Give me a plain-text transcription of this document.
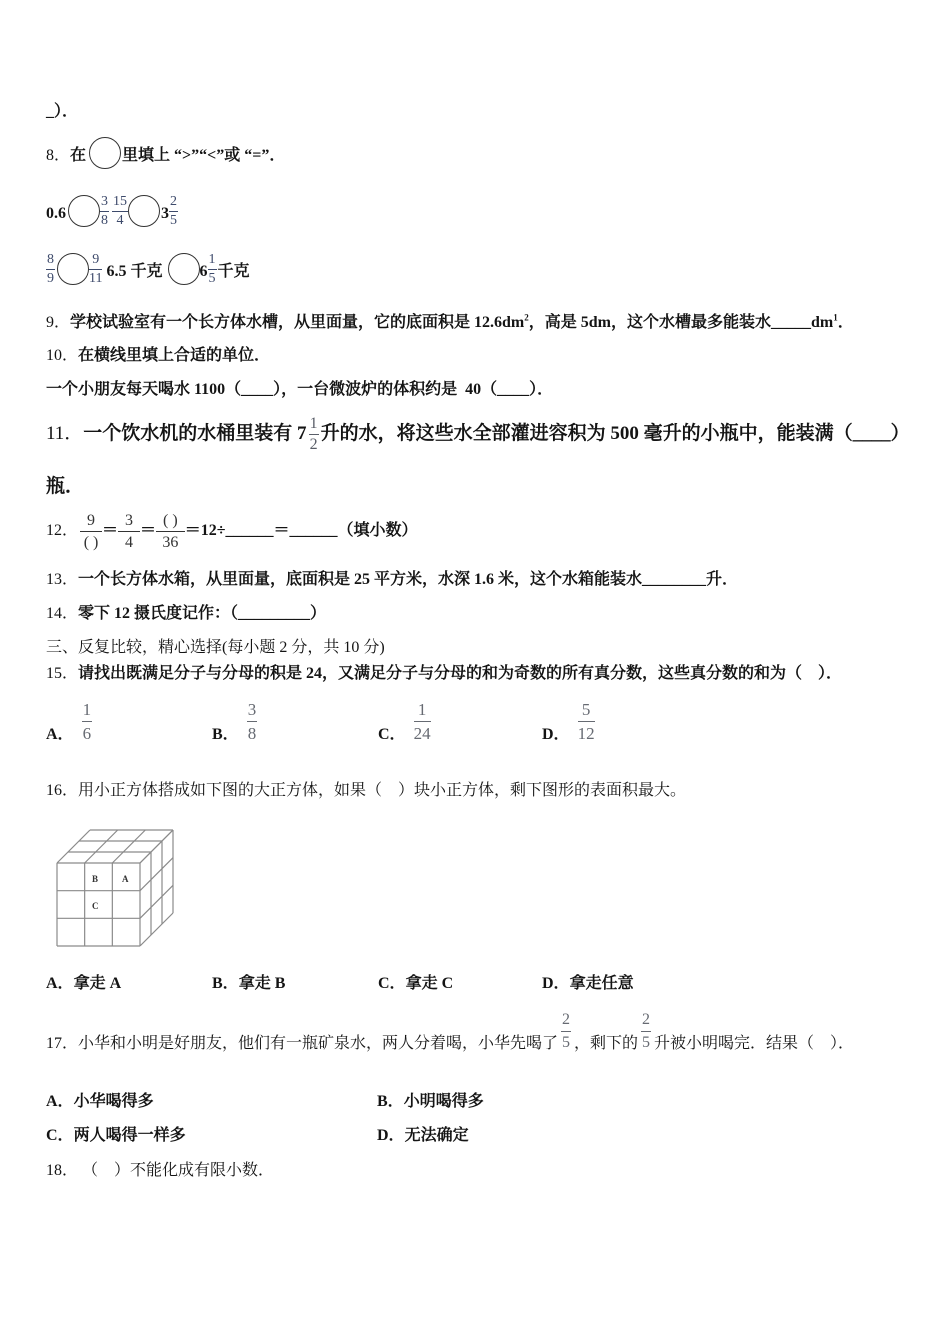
_）．
8． 在 里填上 “>”“<”或 “=”．
$0.6 \frac{3}{8} \frac{15}{4} 3 \frac{2}{5}$
$\frac{8}{9} \frac{9}{11} 6.5$ 千克 $6 \frac{1}{5}$ 千克
9． 学校试验室有一个长方体水槽，从里面量，它的底面积是 $12.6dm^2$，高是 5dm，这个水槽最多能装水$\_\_\_\_\_dm^1$．
10． 在横线里填上合适的单位．
一个小朋友每天喝水 1100（____），一台微波炉的体积约是  40（____）．
11． 一个饮水机的水桶里装有 $7 \frac{1}{2}$ 升的水，将这些水全部灌进容积为 500 毫升的小瓶中，能装满（____）
瓶．
12． $\frac{9}{( )} = \frac{3}{4} = \frac{( )}{36}$ ＝12÷______＝______（填小数）
13． 一个长方体水箱，从里面量，底面积是 25 平方米，水深 1.6 米，这个水箱能装水________升．
14． 零下 12 摄氏度记作：（_________）
三、反复比较，精心选择(每小题 2 分，共 10 分)
15． 请找出既满足分子与分母的积是 24，又满足分子与分母的和为奇数的所有真分数，这些真分数的和为（　）．
A． $\frac{1}{6}$	B． $\frac{3}{8}$	C． $\frac{1}{24}$	D． $\frac{5}{12}$
16． 用小正方体搭成如下图的大正方体，如果（　）块小正方体，剩下图形的表面积最大。
B	A
C
A． 拿走 A	B． 拿走 B	C． 拿走 C	D． 拿走任意
17． 小华和小明是好朋友，他们有一瓶矿泉水，两人分着喝，小华先喝了 $\frac{2}{5}$ ，剩下的 $\frac{2}{5}$ 升被小明喝完．结果（　）．
A． 小华喝得多	B． 小明喝得多
C． 两人喝得一样多	D． 无法确定
18． （　）不能化成有限小数．
